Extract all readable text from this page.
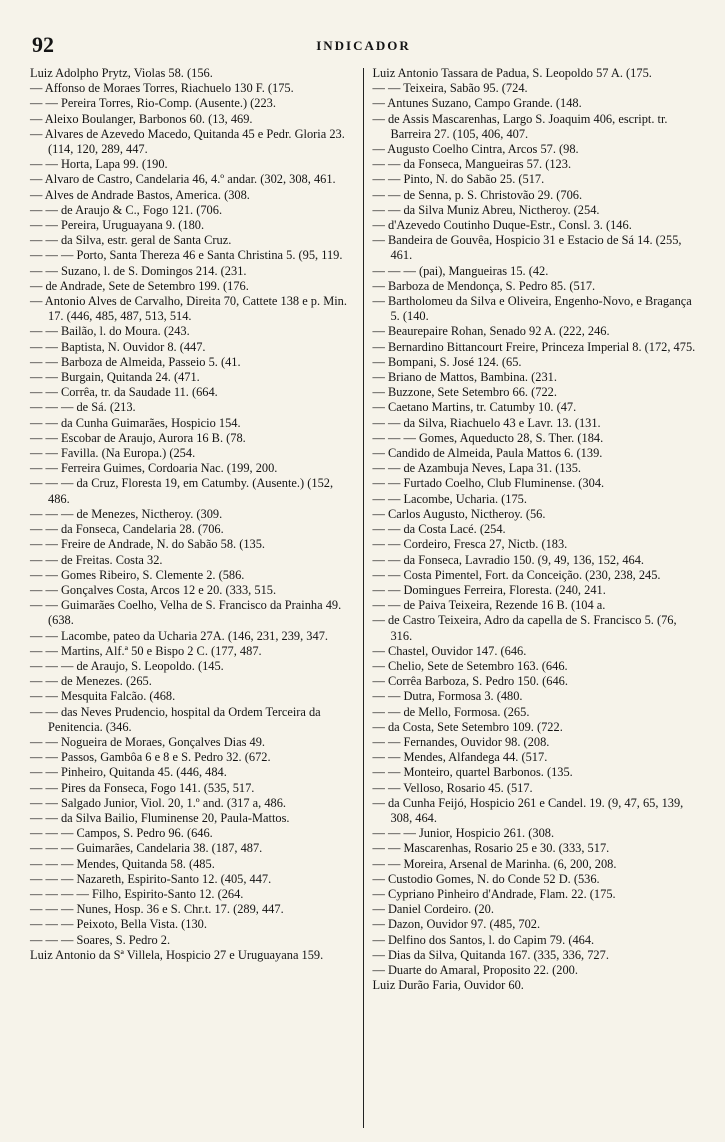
92	INDICADOR

Luiz Adolpho Prytz, Violas 58. (156.

— Affonso de Moraes Torres, Riachuelo 130 F. (175.

— — Pereira Torres, Rio-Comp. (Ausente.) (223.

— Aleixo Boulanger, Barbonos 60. (13, 469.

— Alvares de Azevedo Macedo, Quitanda 45 e Pedr. Gloria 23. (114, 120, 289, 447.

— — Horta, Lapa 99. (190.

— Alvaro de Castro, Candelaria 46, 4.º andar. (302, 308, 461.

— Alves de Andrade Bastos, America. (308.

— — de Araujo & C., Fogo 121. (706.

— — Pereira, Uruguayana 9. (180.

— — da Silva, estr. geral de Santa Cruz.

— — — Porto, Santa Thereza 46 e Santa Christina 5. (95, 119.

— — Suzano, l. de S. Domingos 214. (231.

— de Andrade, Sete de Setembro 199. (176.

— Antonio Alves de Carvalho, Direita 70, Cattete 138 e p. Min. 17. (446, 485, 487, 513, 514.

— — Bailão, l. do Moura. (243.

— — Baptista, N. Ouvidor 8. (447.

— — Barboza de Almeida, Passeio 5. (41.

— — Burgain, Quitanda 24. (471.

— — Corrêa, tr. da Saudade 11. (664.

— — — de Sá. (213.

— — da Cunha Guimarães, Hospicio 154.

— — Escobar de Araujo, Aurora 16 B. (78.

— — Favilla. (Na Europa.) (254.

— — Ferreira Guimes, Cordoaria Nac. (199, 200.

— — — da Cruz, Floresta 19, em Catumby. (Ausente.) (152, 486.

— — — de Menezes, Nictheroy. (309.

— — da Fonseca, Candelaria 28. (706.

— — Freire de Andrade, N. do Sabão 58. (135.

— — de Freitas. Costa 32.

— — Gomes Ribeiro, S. Clemente 2. (586.

— — Gonçalves Costa, Arcos 12 e 20. (333, 515.

— — Guimarães Coelho, Velha de S. Francisco da Prainha 49. (638.

— — Lacombe, pateo da Ucharia 27A. (146, 231, 239, 347.

— — Martins, Alf.ª 50 e Bispo 2 C. (177, 487.

— — — de Araujo, S. Leopoldo. (145.

— — de Menezes. (265.

— — Mesquita Falcão. (468.

— — das Neves Prudencio, hospital da Ordem Terceira da Penitencia. (346.

— — Nogueira de Moraes, Gonçalves Dias 49.

— — Passos, Gambôa 6 e 8 e S. Pedro 32. (672.

— — Pinheiro, Quitanda 45. (446, 484.

— — Pires da Fonseca, Fogo 141. (535, 517.

— — Salgado Junior, Viol. 20, 1.º and. (317 a, 486.

— — da Silva Bailio, Fluminense 20, Paula-Mattos.

— — — Campos, S. Pedro 96. (646.

— — — Guimarães, Candelaria 38. (187, 487.

— — — Mendes, Quitanda 58. (485.

— — — Nazareth, Espirito-Santo 12. (405, 447.

— — — — Filho, Espirito-Santo 12. (264.

— — — Nunes, Hosp. 36 e S. Chr.t. 17. (289, 447.

— — — Peixoto, Bella Vista. (130.

— — — Soares, S. Pedro 2.

Luiz Antonio da Sª Villela, Hospicio 27 e Uruguayana 159.

Luiz Antonio Tassara de Padua, S. Leopoldo 57 A. (175.

— — Teixeira, Sabão 95. (724.

— Antunes Suzano, Campo Grande. (148.

— de Assis Mascarenhas, Largo S. Joaquim 406, escript. tr. Barreira 27. (105, 406, 407.

— Augusto Coelho Cintra, Arcos 57. (98.

— — da Fonseca, Mangueiras 57. (123.

— — Pinto, N. do Sabão 25. (517.

— — de Senna, p. S. Christovão 29. (706.

— — da Silva Muniz Abreu, Nictheroy. (254.

— d'Azevedo Coutinho Duque-Estr., Consl. 3. (146.

— Bandeira de Gouvêa, Hospicio 31 e Estacio de Sá 14. (255, 461.

— — — (pai), Mangueiras 15. (42.

— Barboza de Mendonça, S. Pedro 85. (517.

— Bartholomeu da Silva e Oliveira, Engenho-Novo, e Bragança 5. (140.

— Beaurepaire Rohan, Senado 92 A. (222, 246.

— Bernardino Bittancourt Freire, Princeza Imperial 8. (172, 475.

— Bompani, S. José 124. (65.

— Briano de Mattos, Bambina. (231.

— Buzzone, Sete Setembro 66. (722.

— Caetano Martins, tr. Catumby 10. (47.

— — da Silva, Riachuelo 43 e Lavr. 13. (131.

— — — Gomes, Aqueducto 28, S. Ther. (184.

— Candido de Almeida, Paula Mattos 6. (139.

— — de Azambuja Neves, Lapa 31. (135.

— — Furtado Coelho, Club Fluminense. (304.

— — Lacombe, Ucharia. (175.

— Carlos Augusto, Nictheroy. (56.

— — da Costa Lacé. (254.

— — Cordeiro, Fresca 27, Nictb. (183.

— — da Fonseca, Lavradio 150. (9, 49, 136, 152, 464.

— — Costa Pimentel, Fort. da Conceição. (230, 238, 245.

— — Domingues Ferreira, Floresta. (240, 241.

— — de Paiva Teixeira, Rezende 16 B. (104 a.

— de Castro Teixeira, Adro da capella de S. Francisco 5. (76, 316.

— Chastel, Ouvidor 147. (646.

— Chelio, Sete de Setembro 163. (646.

— Corrêa Barboza, S. Pedro 150. (646.

— — Dutra, Formosa 3. (480.

— — de Mello, Formosa. (265.

— da Costa, Sete Setembro 109. (722.

— — Fernandes, Ouvidor 98. (208.

— — Mendes, Alfandega 44. (517.

— — Monteiro, quartel Barbonos. (135.

— — Velloso, Rosario 45. (517.

— da Cunha Feijó, Hospicio 261 e Candel. 19. (9, 47, 65, 139, 308, 464.

— — — Junior, Hospicio 261. (308.

— — Mascarenhas, Rosario 25 e 30. (333, 517.

— — Moreira, Arsenal de Marinha. (6, 200, 208.

— Custodio Gomes, N. do Conde 52 D. (536.

— Cypriano Pinheiro d'Andrade, Flam. 22. (175.

— Daniel Cordeiro. (20.

— Dazon, Ouvidor 97. (485, 702.

— Delfino dos Santos, l. do Capim 79. (464.

— Dias da Silva, Quitanda 167. (335, 336, 727.

— Duarte do Amaral, Proposito 22. (200.

Luiz Durão Faria, Ouvidor 60.
